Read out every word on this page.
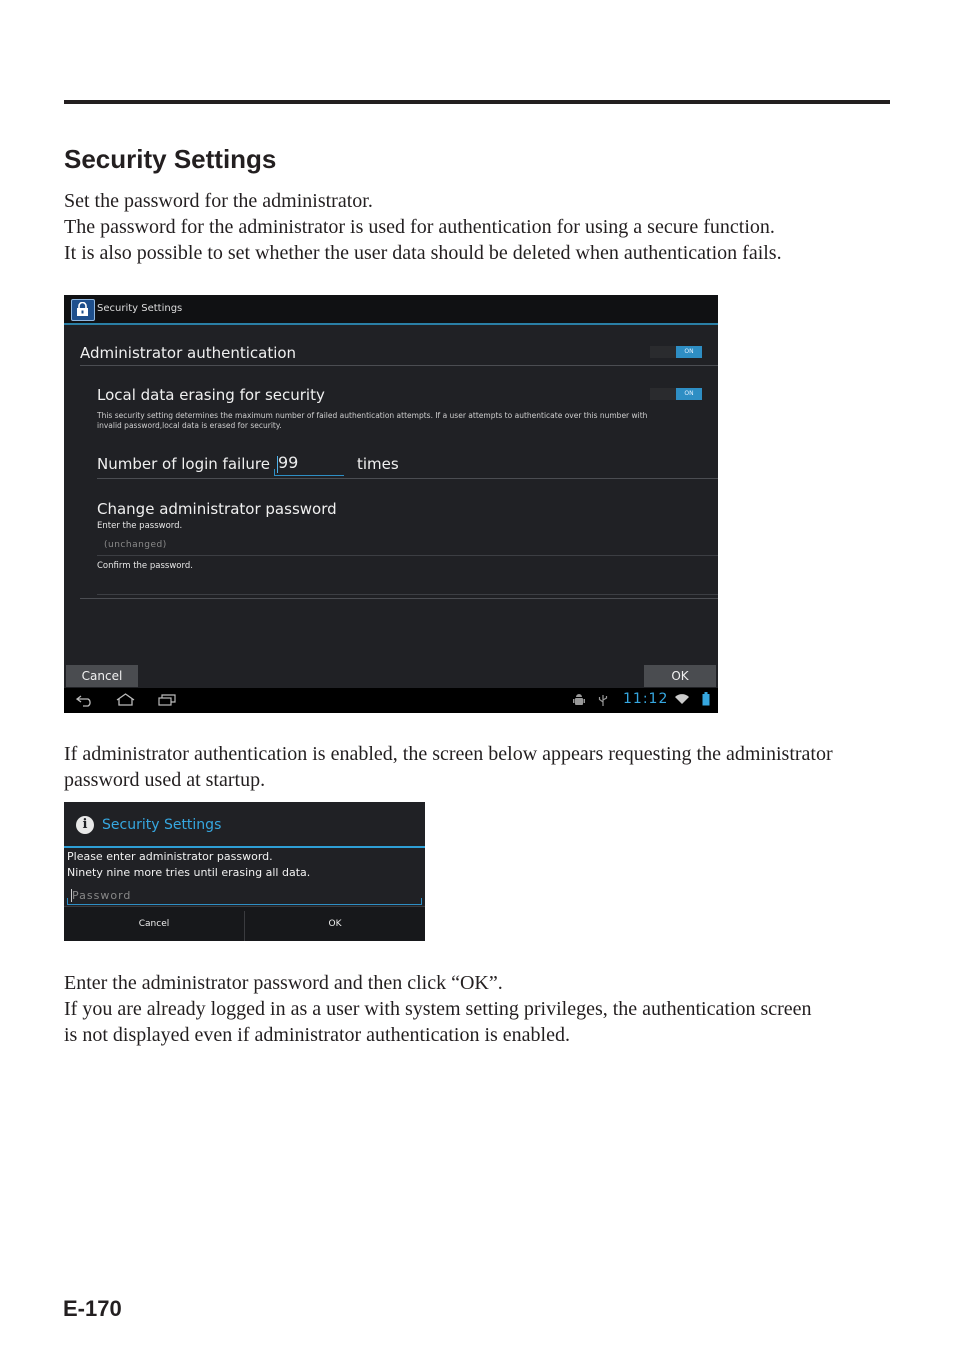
Security Settings
Set the password for the administrator.
The password for the administrator is used for authentication for using a secure function.
It is also possible to set whether the user data should be deleted when authentication fails.
Security Settings
Administrator authentication	ON
Local data erasing for security	ON
This security setting determines the maximum number of failed authentication attempts. If a user attempts to authenticate over this number with invalid password,local data is erased for security.
Number of login failure 99	times
Change administrator password
Enter the password.
(unchanged)
Confirm the password.
Cancel	OK
11:12
If administrator authentication is enabled, the screen below appears requesting the administrator
password used at startup.
i	Security Settings
Please enter administrator password.
Ninety nine more tries until erasing all data.
Password
Cancel	OK
Enter the administrator password and then click “OK”.
If you are already logged in as a user with system setting privileges, the authentication screen
is not displayed even if administrator authentication is enabled.
E-170
